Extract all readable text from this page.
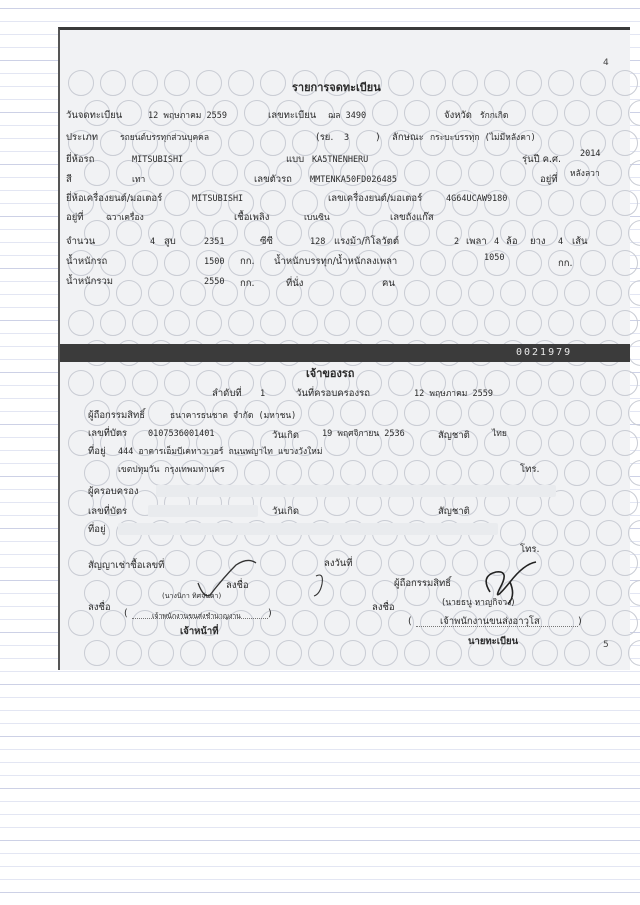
รายการจดทะเบียน
วันจดทะเบียน	12 พฤษภาคม 2559	เลขทะเบียน ฌล 3490	จังหวัด รักกเกิด
ประเภท	รถยนต์บรรทุกส่วนบุคคล	(รย. 3	) ลักษณะ กระบะบรรทุก (ไม่มีหลังคา)
ยี่ห้อรถ	MITSUBISHI	แบบ KA5TNENHERU	รุ่นปี ค.ศ. 2014
สี	เทา	เลขตัวรถ MMTENKA50FD026485	อยู่ที่ หลังลวา
ยี่ห้อเครื่องยนต์/มอเตอร์	MITSUBISHI	เลขเครื่องยนต์/มอเตอร์	4G64UCAW9180
อยู่ที่	ฉวาเครื่อง	เชื้อเพลิง	เบนซิน	เลขถังแก๊ส
จำนวน	4 สูบ	2351	ซีซี	128 แรงม้า/กิโลวัตต์	2 เพลา 4 ล้อ ยาง 4 เส้น
น้ำหนักรถ	1500 กก. น้ำหนักบรรทุก/น้ำหนักลงเพลา	1050	กก.
น้ำหนักรวม	2550 กก.	ที่นั่ง	คน
0021979
เจ้าของรถ
ลำดับที่ 1	วันที่ครอบครองรถ	12 พฤษภาคม 2559
ผู้ถือกรรมสิทธิ์	ธนาคารธนชาต จำกัด (มหาชน)
เลขที่บัตร 0107536001401	วันเกิด	19 พฤศจิกายน 2536	สัญชาติ	ไทย
ที่อยู่ 444 อาคารเอ็มบีเคทาวเวอร์ ถนนพญาไท แขวงวังใหม่
เขตปทุมวัน กรุงเทพมหานคร	โทร.
ผู้ครอบครอง
เลขที่บัตร	วันเกิด	สัญชาติ
ที่อยู่
โทร.
สัญญาเช่าซื้อเลขที่	ลงวันที่
ลงชื่อ	ผู้ถือกรรมสิทธิ์
ลงชื่อ
(นางนิกา ทิศจันดา)
(	)
เจ้าพนักงานขนส่งชำนาญงาน
เจ้าหน้าที่
ลงชื่อ	(นายธนู หาญกิจวง)
(	)
เจ้าพนักงานขนส่งอาวุโส
นายทะเบียน
4
5
